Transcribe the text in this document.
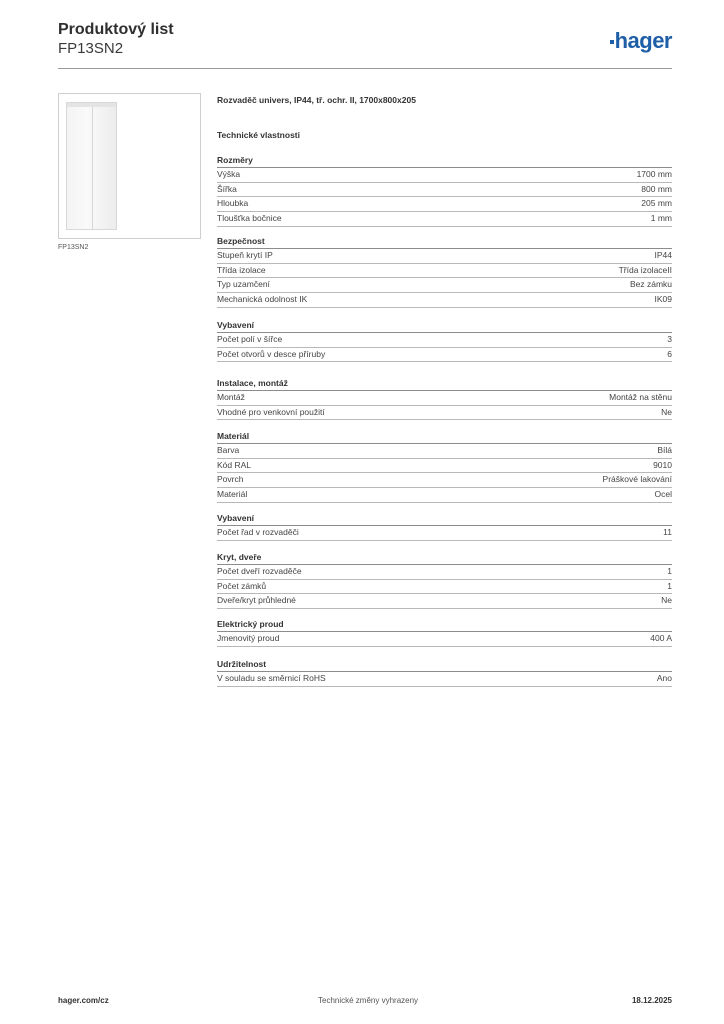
Produktový list
FP13SN2	hager
FP13SN2
Rozvaděč univers, IP44, tř. ochr. II, 1700x800x205
Technické vlastnosti
Rozměry
Výška	1700 mm
Šířka	800 mm
Hloubka	205 mm
Tloušťka bočnice	1 mm
Bezpečnost
Stupeň krytí IP	IP44
Třída izolace	Třída izolaceII
Typ uzamčení	Bez zámku
Mechanická odolnost IK	IK09
Vybavení
Počet polí v šířce	3
Počet otvorů v desce příruby	6
Instalace, montáž
Montáž	Montáž na stěnu
Vhodné pro venkovní použití	Ne
Materiál
Barva	Bílá
Kód RAL	9010
Povrch	Práškové lakování
Materiál	Ocel
Vybavení
Počet řad v rozvaděči	11
Kryt, dveře
Počet dveří rozvaděče	1
Počet zámků	1
Dveře/kryt průhledné	Ne
Elektrický proud
Jmenovitý proud	400 A
Udržitelnost
V souladu se směrnicí RoHS	Ano
hager.com/cz	Technické změny vyhrazeny	18.12.2025
